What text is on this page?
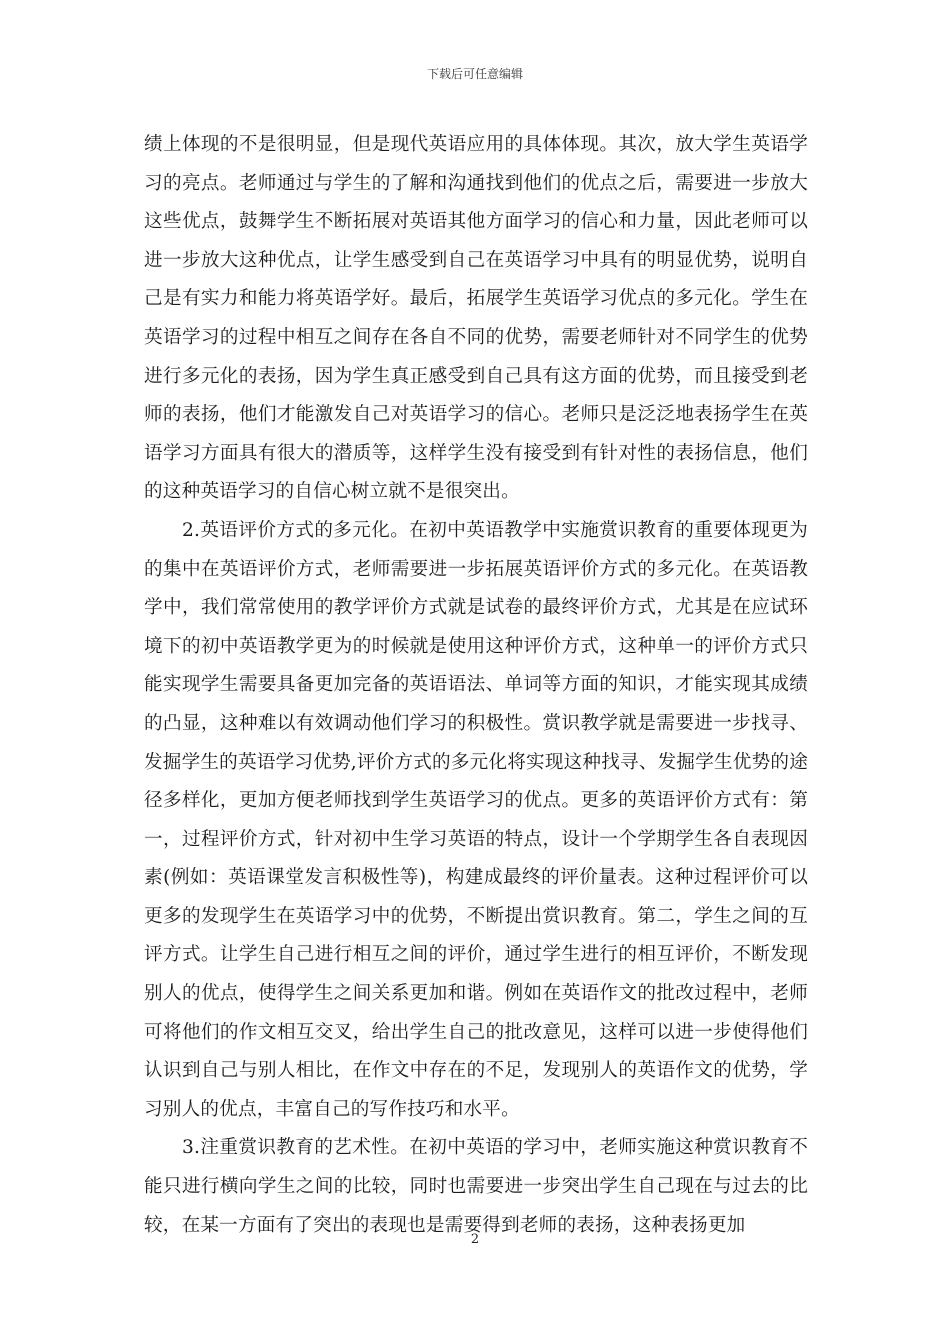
下载后可任意编辑

绩上体现的不是很明显，但是现代英语应用的具体体现。其次，放大学生英语学习的亮点。老师通过与学生的了解和沟通找到他们的优点之后，需要进一步放大这些优点，鼓舞学生不断拓展对英语其他方面学习的信心和力量，因此老师可以进一步放大这种优点，让学生感受到自己在英语学习中具有的明显优势，说明自己是有实力和能力将英语学好。最后，拓展学生英语学习优点的多元化。学生在英语学习的过程中相互之间存在各自不同的优势，需要老师针对不同学生的优势进行多元化的表扬，因为学生真正感受到自己具有这方面的优势，而且接受到老师的表扬，他们才能激发自己对英语学习的信心。老师只是泛泛地表扬学生在英语学习方面具有很大的潜质等，这样学生没有接受到有针对性的表扬信息，他们的这种英语学习的自信心树立就不是很突出。

2.英语评价方式的多元化。在初中英语教学中实施赏识教育的重要体现更为的集中在英语评价方式，老师需要进一步拓展英语评价方式的多元化。在英语教学中，我们常常使用的教学评价方式就是试卷的最终评价方式，尤其是在应试环境下的初中英语教学更为的时候就是使用这种评价方式，这种单一的评价方式只能实现学生需要具备更加完备的英语语法、单词等方面的知识，才能实现其成绩的凸显，这种难以有效调动他们学习的积极性。赏识教学就是需要进一步找寻、发掘学生的英语学习优势,评价方式的多元化将实现这种找寻、发掘学生优势的途径多样化，更加方便老师找到学生英语学习的优点。更多的英语评价方式有：第一，过程评价方式，针对初中生学习英语的特点，设计一个学期学生各自表现因素(例如：英语课堂发言积极性等)，构建成最终的评价量表。这种过程评价可以更多的发现学生在英语学习中的优势，不断提出赏识教育。第二，学生之间的互评方式。让学生自己进行相互之间的评价，通过学生进行的相互评价，不断发现别人的优点，使得学生之间关系更加和谐。例如在英语作文的批改过程中，老师可将他们的作文相互交叉，给出学生自己的批改意见，这样可以进一步使得他们认识到自己与别人相比，在作文中存在的不足，发现别人的英语作文的优势，学习别人的优点，丰富自己的写作技巧和水平。

3.注重赏识教育的艺术性。在初中英语的学习中，老师实施这种赏识教育不能只进行横向学生之间的比较，同时也需要进一步突出学生自己现在与过去的比较，在某一方面有了突出的表现也是需要得到老师的表扬，这种表扬更加

2
